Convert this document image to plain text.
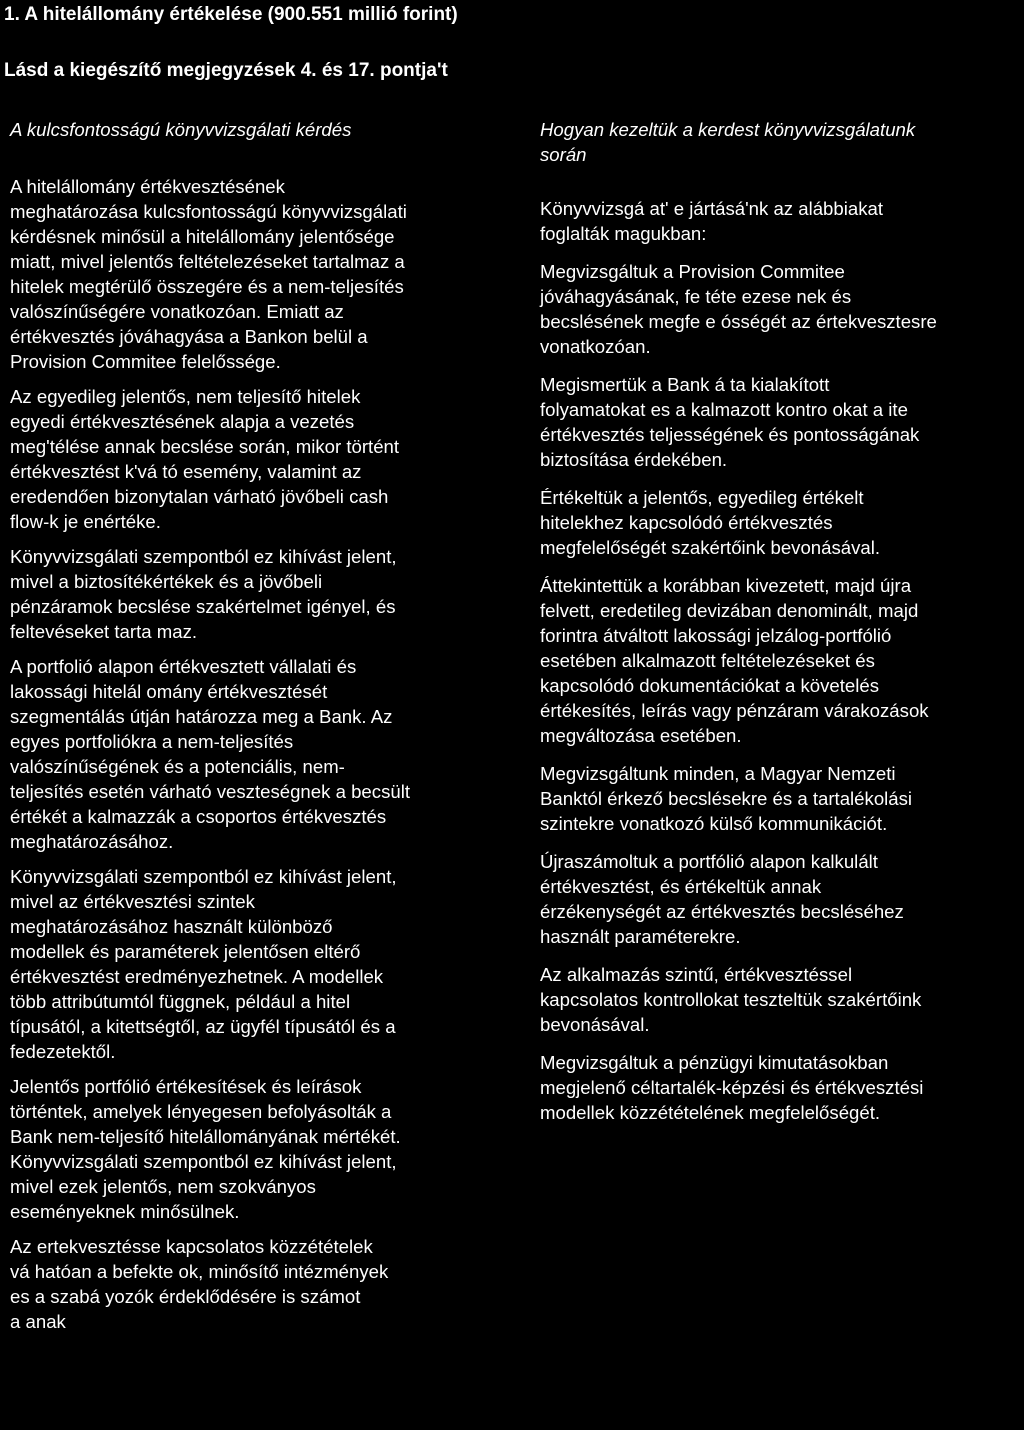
1. A hitelállomány értékelése (900.551 millió forint)
Lásd a kiegészítő megjegyzések 4. és 17. pontja't
A kulcsfontosságú könyvvizsgálati kérdés
A hitelállomány értékvesztésének
meghatározása kulcsfontosságú könyvvizsgálati
kérdésnek minősül a hitelállomány jelentősége
miatt, mivel jelentős feltételezéseket tartalmaz a
hitelek megtérülő összegére és a nem-teljesítés
valószínűségére vonatkozóan. Emiatt az
értékvesztés jóváhagyása a Bankon belül a
Provision Commitee felelőssége.
Az egyedileg jelentős, nem teljesítő hitelek
egyedi értékvesztésének alapja a vezetés
meg'télése annak becslése során, mikor történt
értékvesztést k'vá tó esemény, valamint az
eredendően bizonytalan várható jövőbeli cash
flow-k je enértéke.
Könyvvizsgálati szempontból ez kihívást jelent,
mivel a biztosítékértékek és a jövőbeli
pénzáramok becslése szakértelmet igényel, és
feltevéseket tarta maz.
A portfolió alapon értékvesztett vállalati és
lakossági hitelál omány értékvesztését
szegmentálás útján határozza meg a Bank. Az
egyes portfoliókra a nem-teljesítés
valószínűségének és a potenciális, nem-
teljesítés esetén várható veszteségnek a becsült
értékét a kalmazzák a csoportos értékvesztés
meghatározásához.
Könyvvizsgálati szempontból ez kihívást jelent,
mivel az értékvesztési szintek
meghatározásához használt különböző
modellek és paraméterek jelentősen eltérő
értékvesztést eredményezhetnek. A modellek
több attribútumtól függnek, például a hitel
típusától, a kitettségtől, az ügyfél típusától és a
fedezetektől.
Jelentős portfólió értékesítések és leírások
történtek, amelyek lényegesen befolyásolták a
Bank nem-teljesítő hitelállományának mértékét.
Könyvvizsgálati szempontból ez kihívást jelent,
mivel ezek jelentős, nem szokványos
eseményeknek minősülnek.
Az ertekvesztésse kapcsolatos közzétételek
vá hatóan a befekte ok, minősítő intézmények
es a szabá yozók érdeklődésére is számot
a anak
Hogyan kezeltük a kerdest könyvvizsgálatunk
során
Könyvvizsgá at' e jártásá'nk az alábbiakat
foglalták magukban:
Megvizsgáltuk a Provision Commitee
jóváhagyásának, fe téte ezese nek és
becslésének megfe e ósségét az értekvesztesre
vonatkozóan.
Megismertük a Bank á ta kialakított
folyamatokat es a kalmazott kontro okat a ite
értékvesztés teljességének és pontosságának
biztosítása érdekében.
Értékeltük a jelentős, egyedileg értékelt
hitelekhez kapcsolódó értékvesztés
megfelelőségét szakértőink bevonásával.
Áttekintettük a korábban kivezetett, majd újra
felvett, eredetileg devizában denominált, majd
forintra átváltott lakossági jelzálog-portfólió
esetében alkalmazott feltételezéseket és
kapcsolódó dokumentációkat a követelés
értékesítés, leírás vagy pénzáram várakozások
megváltozása esetében.
Megvizsgáltunk minden, a Magyar Nemzeti
Banktól érkező becslésekre és a tartalékolási
szintekre vonatkozó külső kommunikációt.
Újraszámoltuk a portfólió alapon kalkulált
értékvesztést, és értékeltük annak
érzékenységét az értékvesztés becsléséhez
használt paraméterekre.
Az alkalmazás szintű, értékvesztéssel
kapcsolatos kontrollokat teszteltük szakértőink
bevonásával.
Megvizsgáltuk a pénzügyi kimutatásokban
megjelenő céltartalék-képzési és értékvesztési
modellek közzétételének megfelelőségét.
